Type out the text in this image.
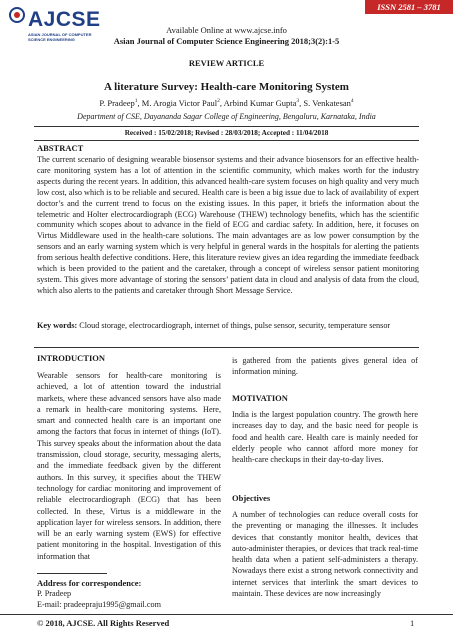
AJCSE
ASIAN JOURNAL OF COMPUTER SCIENCE ENGINEERING
ISSN 2581 – 3781
Available Online at www.ajcse.info
Asian Journal of Computer Science Engineering 2018;3(2):1-5
REVIEW ARTICLE
A literature Survey: Health-care Monitoring System
P. Pradeep$^1$, M. Arogia Victor Paul$^2$, Arbind Kumar Gupta$^3$, S. Venkatesan$^4$
Department of CSE, Dayananda Sagar College of Engineering, Bengaluru, Karnataka, India
Received : 15/02/2018; Revised : 28/03/2018; Accepted : 11/04/2018
ABSTRACT
The current scenario of designing wearable biosensor systems and their advance biosensors for an effective health-care monitoring system has a lot of attention in the scientific community, which makes worth for the industry aspects during the recent years. In addition, this advanced health-care system focuses on high quality and very much low cost, also which is to be reliable and secured. Health care is been a big issue due to lack of availability of expert doctor’s and the current trend to focus on the existing issues. In this paper, it briefs the information about the telemetric and Holter electrocardiograph (ECG) Warehouse (THEW) technology benefits, which has the scientific community which scopes about to advance in the field of ECG and cardiac safety. In addition, here, it focuses on Virtus Middleware used in the health-care solutions. The main advantages are as low power consumption by the sensors and an early warning system which is very helpful in general wards in the hospitals for alerting the patients from serious health defective conditions. Here, this literature review gives an idea regarding the immediate feedback which is been provided to the patient and the caretaker, through a concept of wireless sensor patient monitoring system. This gives more advantage of storing the sensors’ patient data in cloud and analysis of data from the cloud, which also alerts to the patients and caretaker through Short Message Service.
Key words: Cloud storage, electrocardiograph, internet of things, pulse sensor, security, temperature sensor
INTRODUCTION
Wearable sensors for health-care monitoring is achieved, a lot of attention toward the industrial markets, where these advanced sensors have also made a remark in health-care monitoring systems. Here, smart and connected health care is an important one among the factors that focus in internet of things (IoT). This survey speaks about the information about the data transmission, cloud storage, security, messaging alerts, and the immediate feedback given by the different authors. In this survey, it specifies about the THEW technology for cardiac monitoring and improvement of reliable electrocardiograph (ECG) that has been collected. In these, Virtus is a middleware in the application layer for wireless sensors. In addition, there will be an early warning system (EWS) for effective patient monitoring in the hospital. Investigation of this information that
Address for correspondence:
P. Pradeep
E-mail: pradeepraju1995@gmail.com
is gathered from the patients gives general idea of information mining.
MOTIVATION
India is the largest population country. The growth here increases day to day, and the basic need for people is food and health care. Health care is mainly needed for elderly people who cannot afford more money for health-care checkups in their day-to-day lives.
Objectives
A number of technologies can reduce overall costs for the preventing or managing the illnesses. It includes devices that constantly monitor health, devices that auto-administer therapies, or devices that track real-time health data when a patient self-administers a therapy. Nowadays there exist a strong network connectivity and internet services that interlink the smart devices to maintain. These devices are now increasingly
© 2018, AJCSE. All Rights Reserved	1
